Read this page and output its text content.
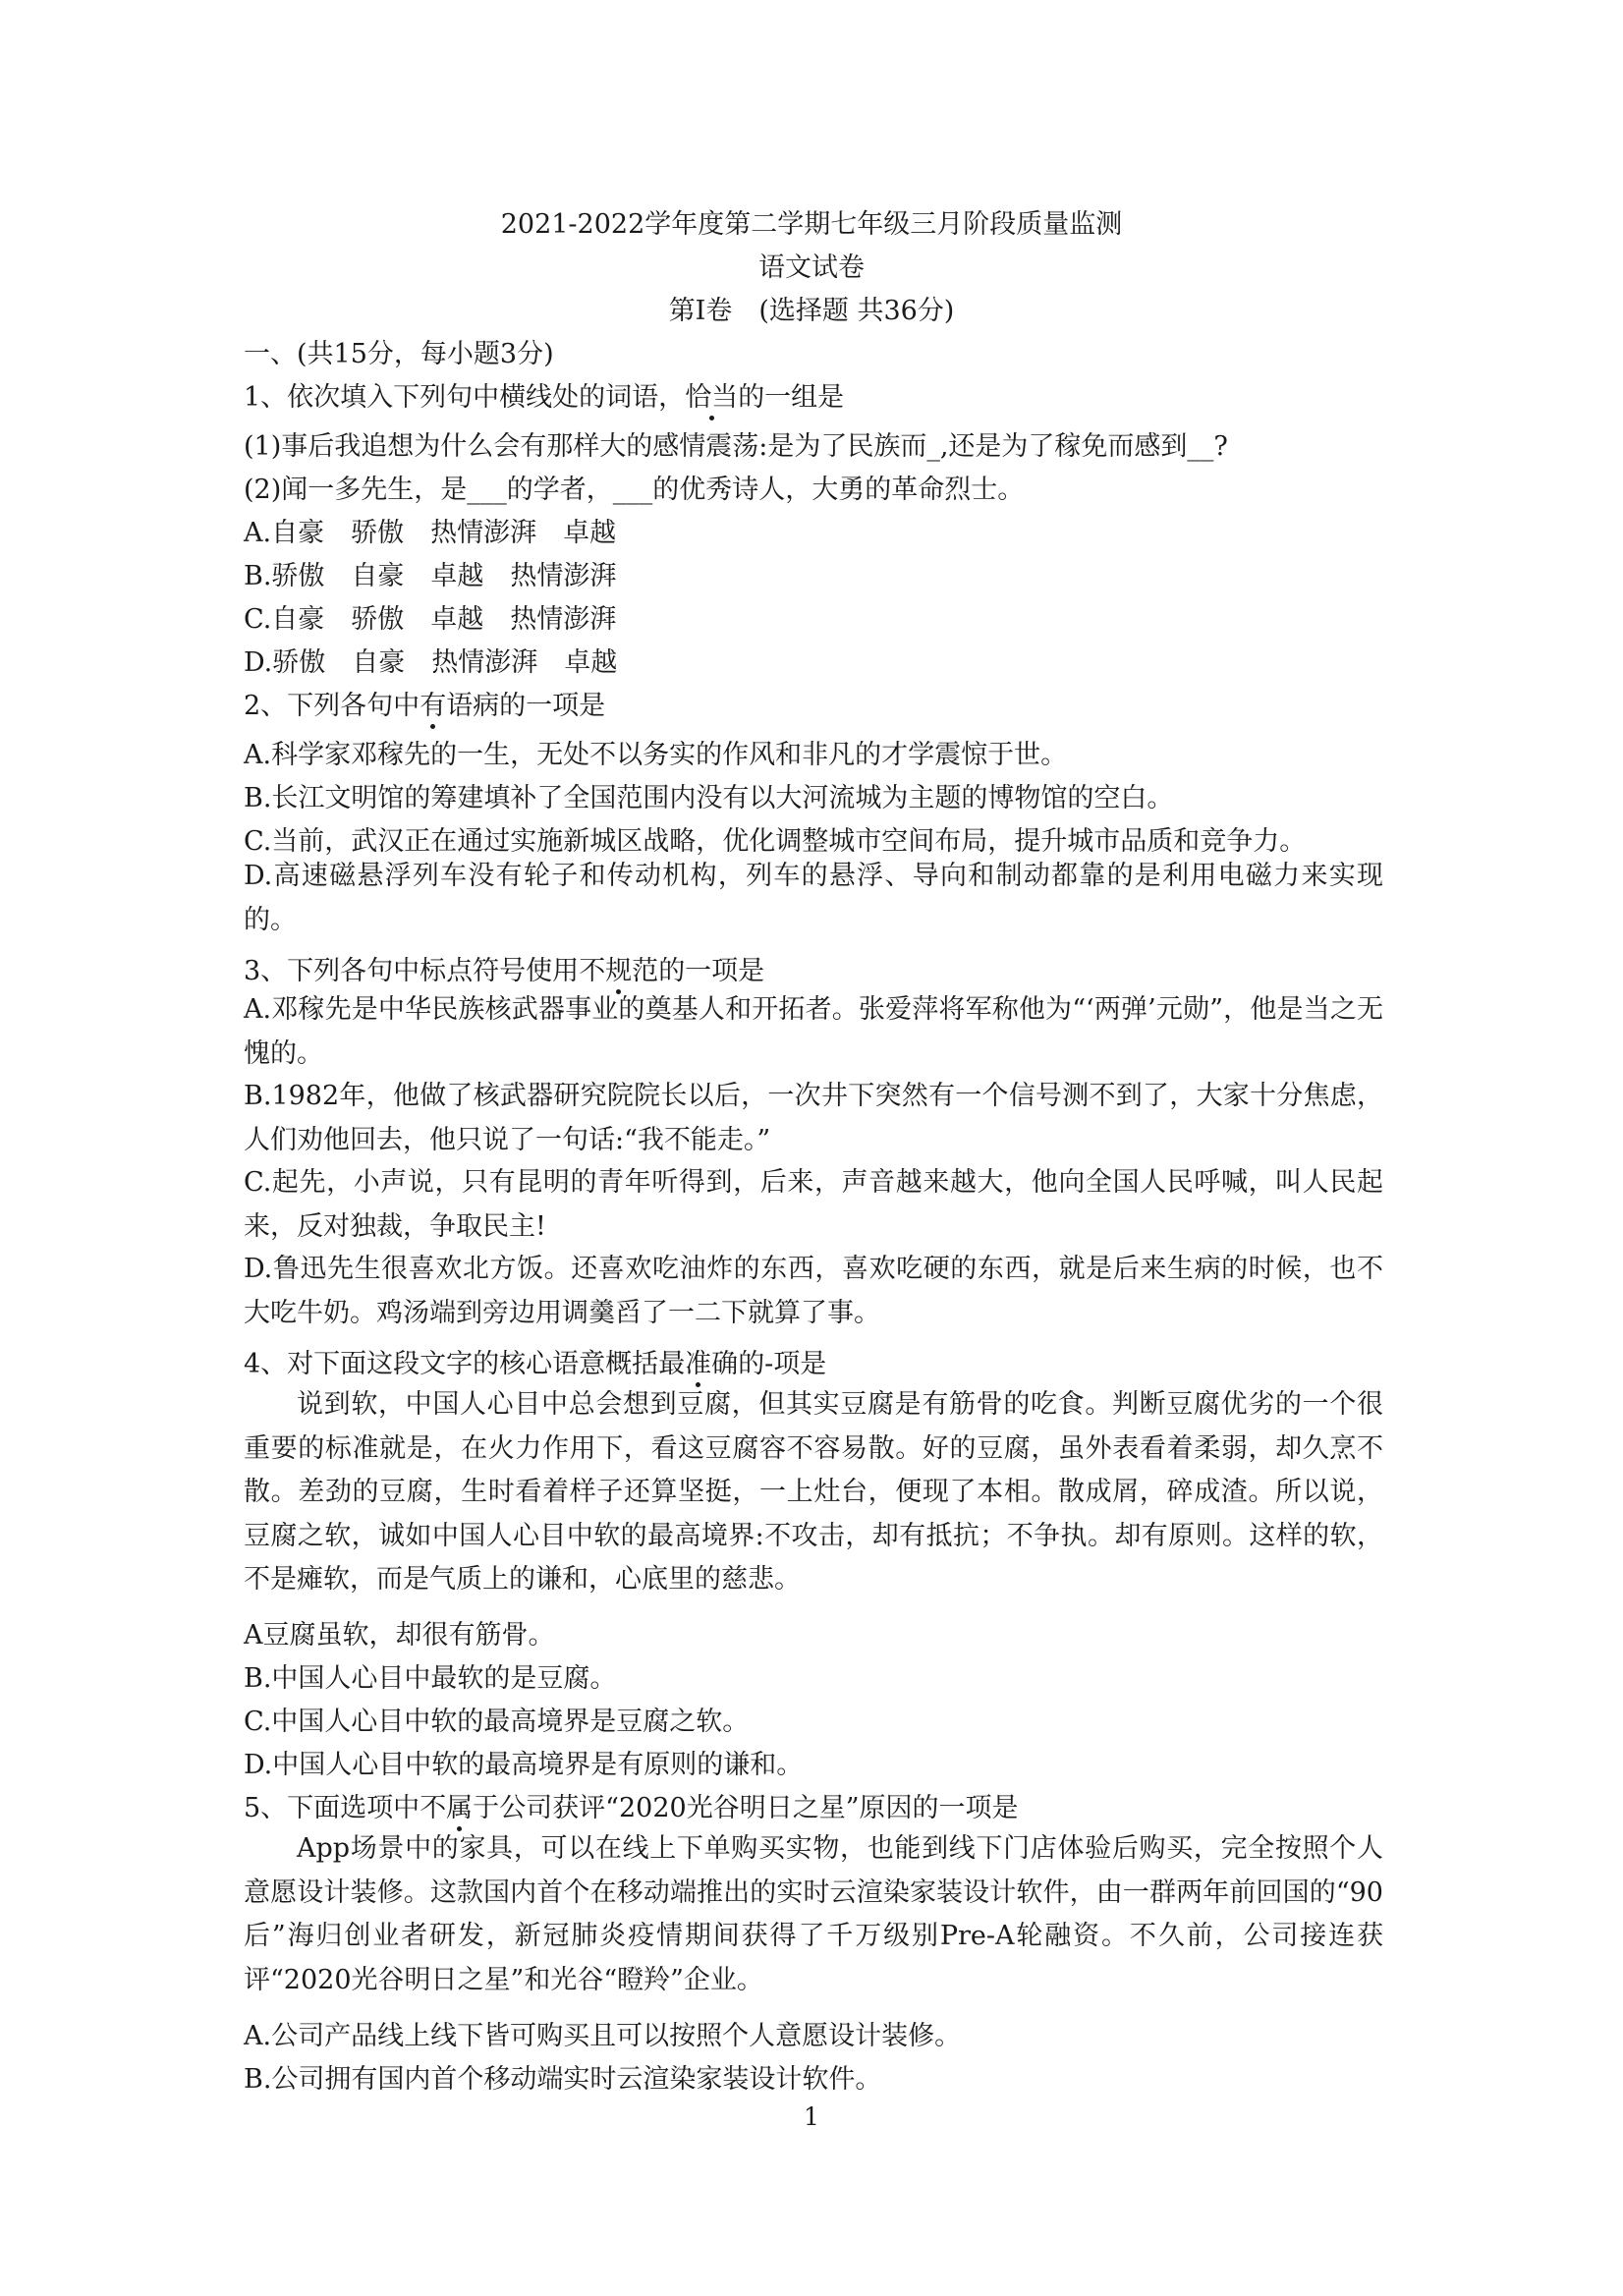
2021-2022学年度第二学期七年级三月阶段质量监测
语文试卷
第Ⅰ卷　(选择题 共36分)
一、(共15分，每小题3分)
1、依次填入下列句中横线处的词语，恰当的一组是
(1)事后我追想为什么会有那样大的感情震荡:是为了民族而_,还是为了稼免而感到__?
(2)闻一多先生，是___的学者，___的优秀诗人，大勇的革命烈士。
A.自豪　骄傲　热情澎湃　卓越
B.骄傲　自豪　卓越　热情澎湃
C.自豪　骄傲　卓越　热情澎湃
D.骄傲　自豪　热情澎湃　卓越
2、下列各句中有语病的一项是
A.科学家邓稼先的一生，无处不以务实的作风和非凡的才学震惊于世。
B.长江文明馆的筹建填补了全国范围内没有以大河流城为主题的博物馆的空白。
C.当前，武汉正在通过实施新城区战略，优化调整城市空间布局，提升城市品质和竞争力。
D.高速磁悬浮列车没有轮子和传动机构，列车的悬浮、导向和制动都靠的是利用电磁力来实现的。
3、下列各句中标点符号使用不规范的一项是
A.邓稼先是中华民族核武器事业的奠基人和开拓者。张爱萍将军称他为“‘两弹’元勋”，他是当之无愧的。
B.1982年，他做了核武器研究院院长以后，一次井下突然有一个信号测不到了，大家十分焦虑，人们劝他回去，他只说了一句话:“我不能走。”
C.起先，小声说，只有昆明的青年听得到，后来，声音越来越大，他向全国人民呼喊，叫人民起来，反对独裁，争取民主!
D.鲁迅先生很喜欢北方饭。还喜欢吃油炸的东西，喜欢吃硬的东西，就是后来生病的时候，也不大吃牛奶。鸡汤端到旁边用调羹舀了一二下就算了事。
4、对下面这段文字的核心语意概括最准确的-项是
说到软，中国人心目中总会想到豆腐，但其实豆腐是有筋骨的吃食。判断豆腐优劣的一个很重要的标准就是，在火力作用下，看这豆腐容不容易散。好的豆腐，虽外表看着柔弱，却久烹不散。差劲的豆腐，生时看着样子还算坚挺，一上灶台，便现了本相。散成屑，碎成渣。所以说，豆腐之软，诚如中国人心目中软的最高境界:不攻击，却有抵抗；不争执。却有原则。这样的软，不是瘫软，而是气质上的谦和，心底里的慈悲。
A豆腐虽软，却很有筋骨。
B.中国人心目中最软的是豆腐。
C.中国人心目中软的最高境界是豆腐之软。
D.中国人心目中软的最高境界是有原则的谦和。
5、下面选项中不属于公司获评“2020光谷明日之星”原因的一项是
App场景中的家具，可以在线上下单购买实物，也能到线下门店体验后购买，完全按照个人意愿设计装修。这款国内首个在移动端推出的实时云渲染家装设计软件，由一群两年前回国的“90后”海归创业者研发，新冠肺炎疫情期间获得了千万级别Pre-A轮融资。不久前，公司接连获评“2020光谷明日之星”和光谷“瞪羚”企业。
A.公司产品线上线下皆可购买且可以按照个人意愿设计装修。
B.公司拥有国内首个移动端实时云渲染家装设计软件。
1
